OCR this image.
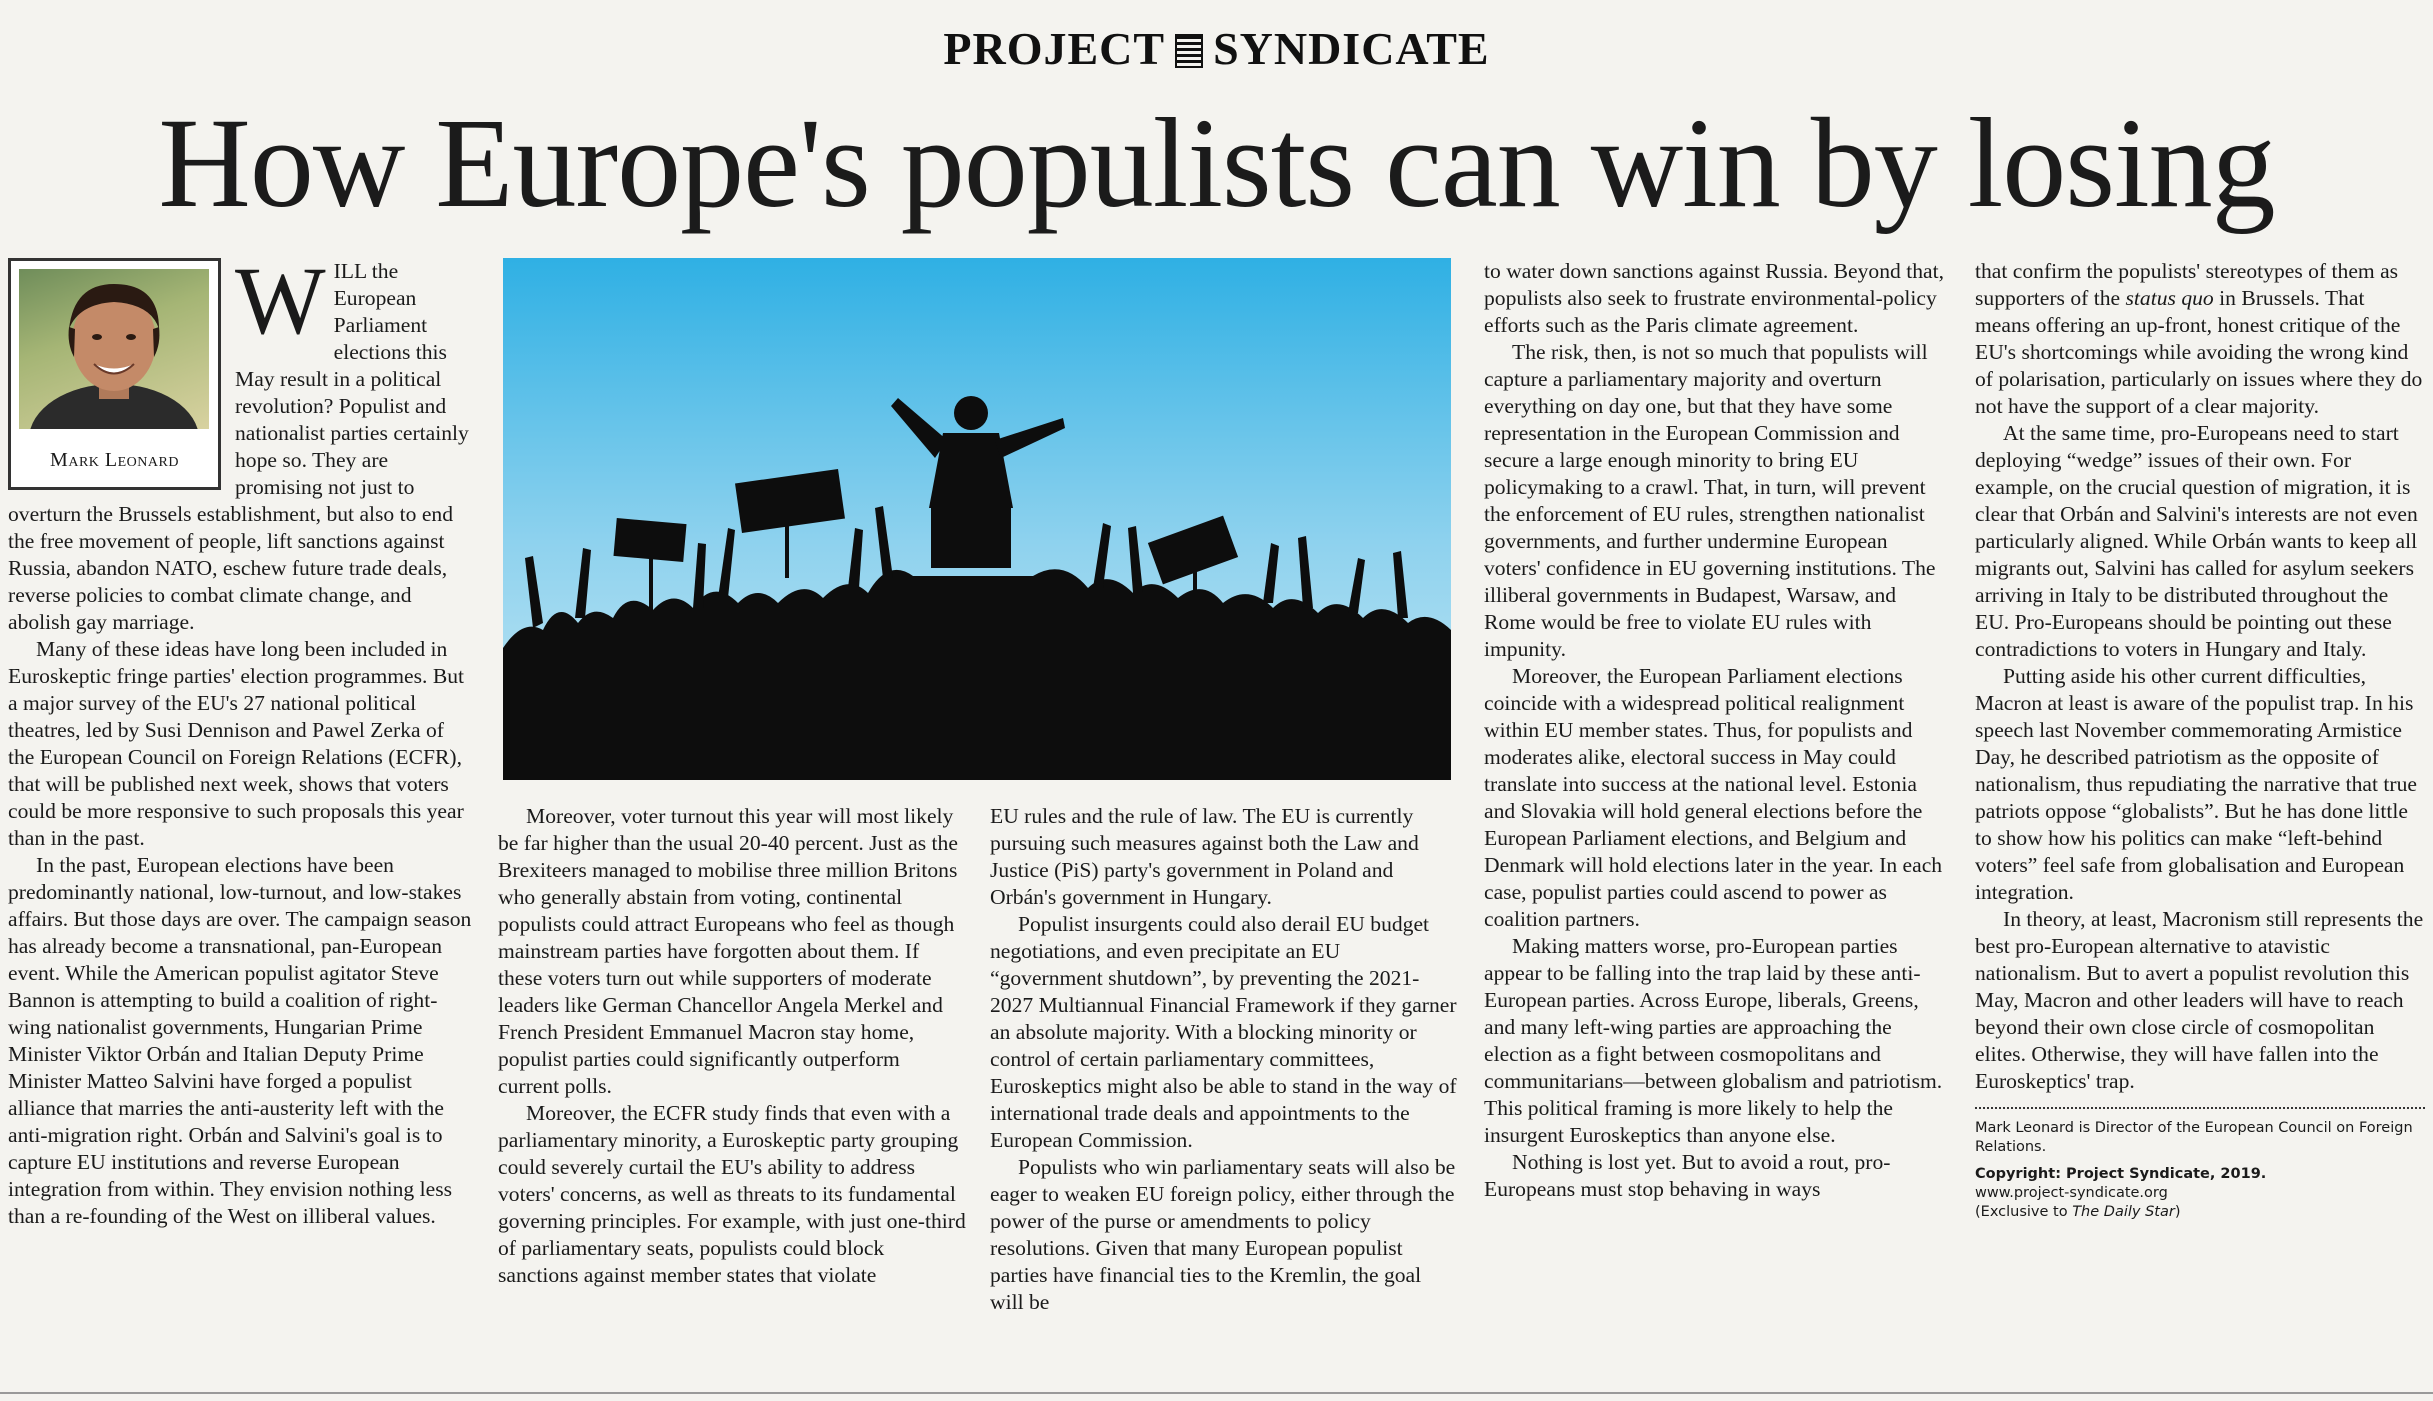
PROJECT SYNDICATE
How Europe's populists can win by losing
Mark Leonard

WILL the European Parliament elections this May result in a political revolution? Populist and nationalist parties certainly hope so. They are promising not just to overturn the Brussels establishment, but also to end the free movement of people, lift sanctions against Russia, abandon NATO, eschew future trade deals, reverse policies to combat climate change, and abolish gay marriage.

Many of these ideas have long been included in Euroskeptic fringe parties' election programmes. But a major survey of the EU's 27 national political theatres, led by Susi Dennison and Pawel Zerka of the European Council on Foreign Relations (ECFR), that will be published next week, shows that voters could be more responsive to such proposals this year than in the past.

In the past, European elections have been predominantly national, low-turnout, and low-stakes affairs. But those days are over. The campaign season has already become a transnational, pan-European event. While the American populist agitator Steve Bannon is attempting to build a coalition of right-wing nationalist governments, Hungarian Prime Minister Viktor Orbán and Italian Deputy Prime Minister Matteo Salvini have forged a populist alliance that marries the anti-austerity left with the anti-migration right. Orbán and Salvini's goal is to capture EU institutions and reverse European integration from within. They envision nothing less than a re-founding of the West on illiberal values.

Moreover, voter turnout this year will most likely be far higher than the usual 20-40 percent. Just as the Brexiteers managed to mobilise three million Britons who generally abstain from voting, continental populists could attract Europeans who feel as though mainstream parties have forgotten about them. If these voters turn out while supporters of moderate leaders like German Chancellor Angela Merkel and French President Emmanuel Macron stay home, populist parties could significantly outperform current polls.

Moreover, the ECFR study finds that even with a parliamentary minority, a Euroskeptic party grouping could severely curtail the EU's ability to address voters' concerns, as well as threats to its fundamental governing principles. For example, with just one-third of parliamentary seats, populists could block sanctions against member states that violate

EU rules and the rule of law. The EU is currently pursuing such measures against both the Law and Justice (PiS) party's government in Poland and Orbán's government in Hungary.

Populist insurgents could also derail EU budget negotiations, and even precipitate an EU “government shutdown”, by preventing the 2021-2027 Multiannual Financial Framework if they garner an absolute majority. With a blocking minority or control of certain parliamentary committees, Euroskeptics might also be able to stand in the way of international trade deals and appointments to the European Commission.

Populists who win parliamentary seats will also be eager to weaken EU foreign policy, either through the power of the purse or amendments to policy resolutions. Given that many European populist parties have financial ties to the Kremlin, the goal will be

to water down sanctions against Russia. Beyond that, populists also seek to frustrate environmental-policy efforts such as the Paris climate agreement.

The risk, then, is not so much that populists will capture a parliamentary majority and overturn everything on day one, but that they have some representation in the European Commission and secure a large enough minority to bring EU policymaking to a crawl. That, in turn, will prevent the enforcement of EU rules, strengthen nationalist governments, and further undermine European voters' confidence in EU governing institutions. The illiberal governments in Budapest, Warsaw, and Rome would be free to violate EU rules with impunity.

Moreover, the European Parliament elections coincide with a widespread political realignment within EU member states. Thus, for populists and moderates alike, electoral success in May could translate into success at the national level. Estonia and Slovakia will hold general elections before the European Parliament elections, and Belgium and Denmark will hold elections later in the year. In each case, populist parties could ascend to power as coalition partners.

Making matters worse, pro-European parties appear to be falling into the trap laid by these anti-European parties. Across Europe, liberals, Greens, and many left-wing parties are approaching the election as a fight between cosmopolitans and communitarians—between globalism and patriotism. This political framing is more likely to help the insurgent Euroskeptics than anyone else.

Nothing is lost yet. But to avoid a rout, pro-Europeans must stop behaving in ways

that confirm the populists' stereotypes of them as supporters of the status quo in Brussels. That means offering an up-front, honest critique of the EU's shortcomings while avoiding the wrong kind of polarisation, particularly on issues where they do not have the support of a clear majority.

At the same time, pro-Europeans need to start deploying “wedge” issues of their own. For example, on the crucial question of migration, it is clear that Orbán and Salvini's interests are not even particularly aligned. While Orbán wants to keep all migrants out, Salvini has called for asylum seekers arriving in Italy to be distributed throughout the EU. Pro-Europeans should be pointing out these contradictions to voters in Hungary and Italy.

Putting aside his other current difficulties, Macron at least is aware of the populist trap. In his speech last November commemorating Armistice Day, he described patriotism as the opposite of nationalism, thus repudiating the narrative that true patriots oppose “globalists”. But he has done little to show how his politics can make “left-behind voters” feel safe from globalisation and European integration.

In theory, at least, Macronism still represents the best pro-European alternative to atavistic nationalism. But to avert a populist revolution this May, Macron and other leaders will have to reach beyond their own close circle of cosmopolitan elites. Otherwise, they will have fallen into the Euroskeptics' trap.

Mark Leonard is Director of the European Council on Foreign Relations.
Copyright: Project Syndicate, 2019.
www.project-syndicate.org
(Exclusive to The Daily Star)
